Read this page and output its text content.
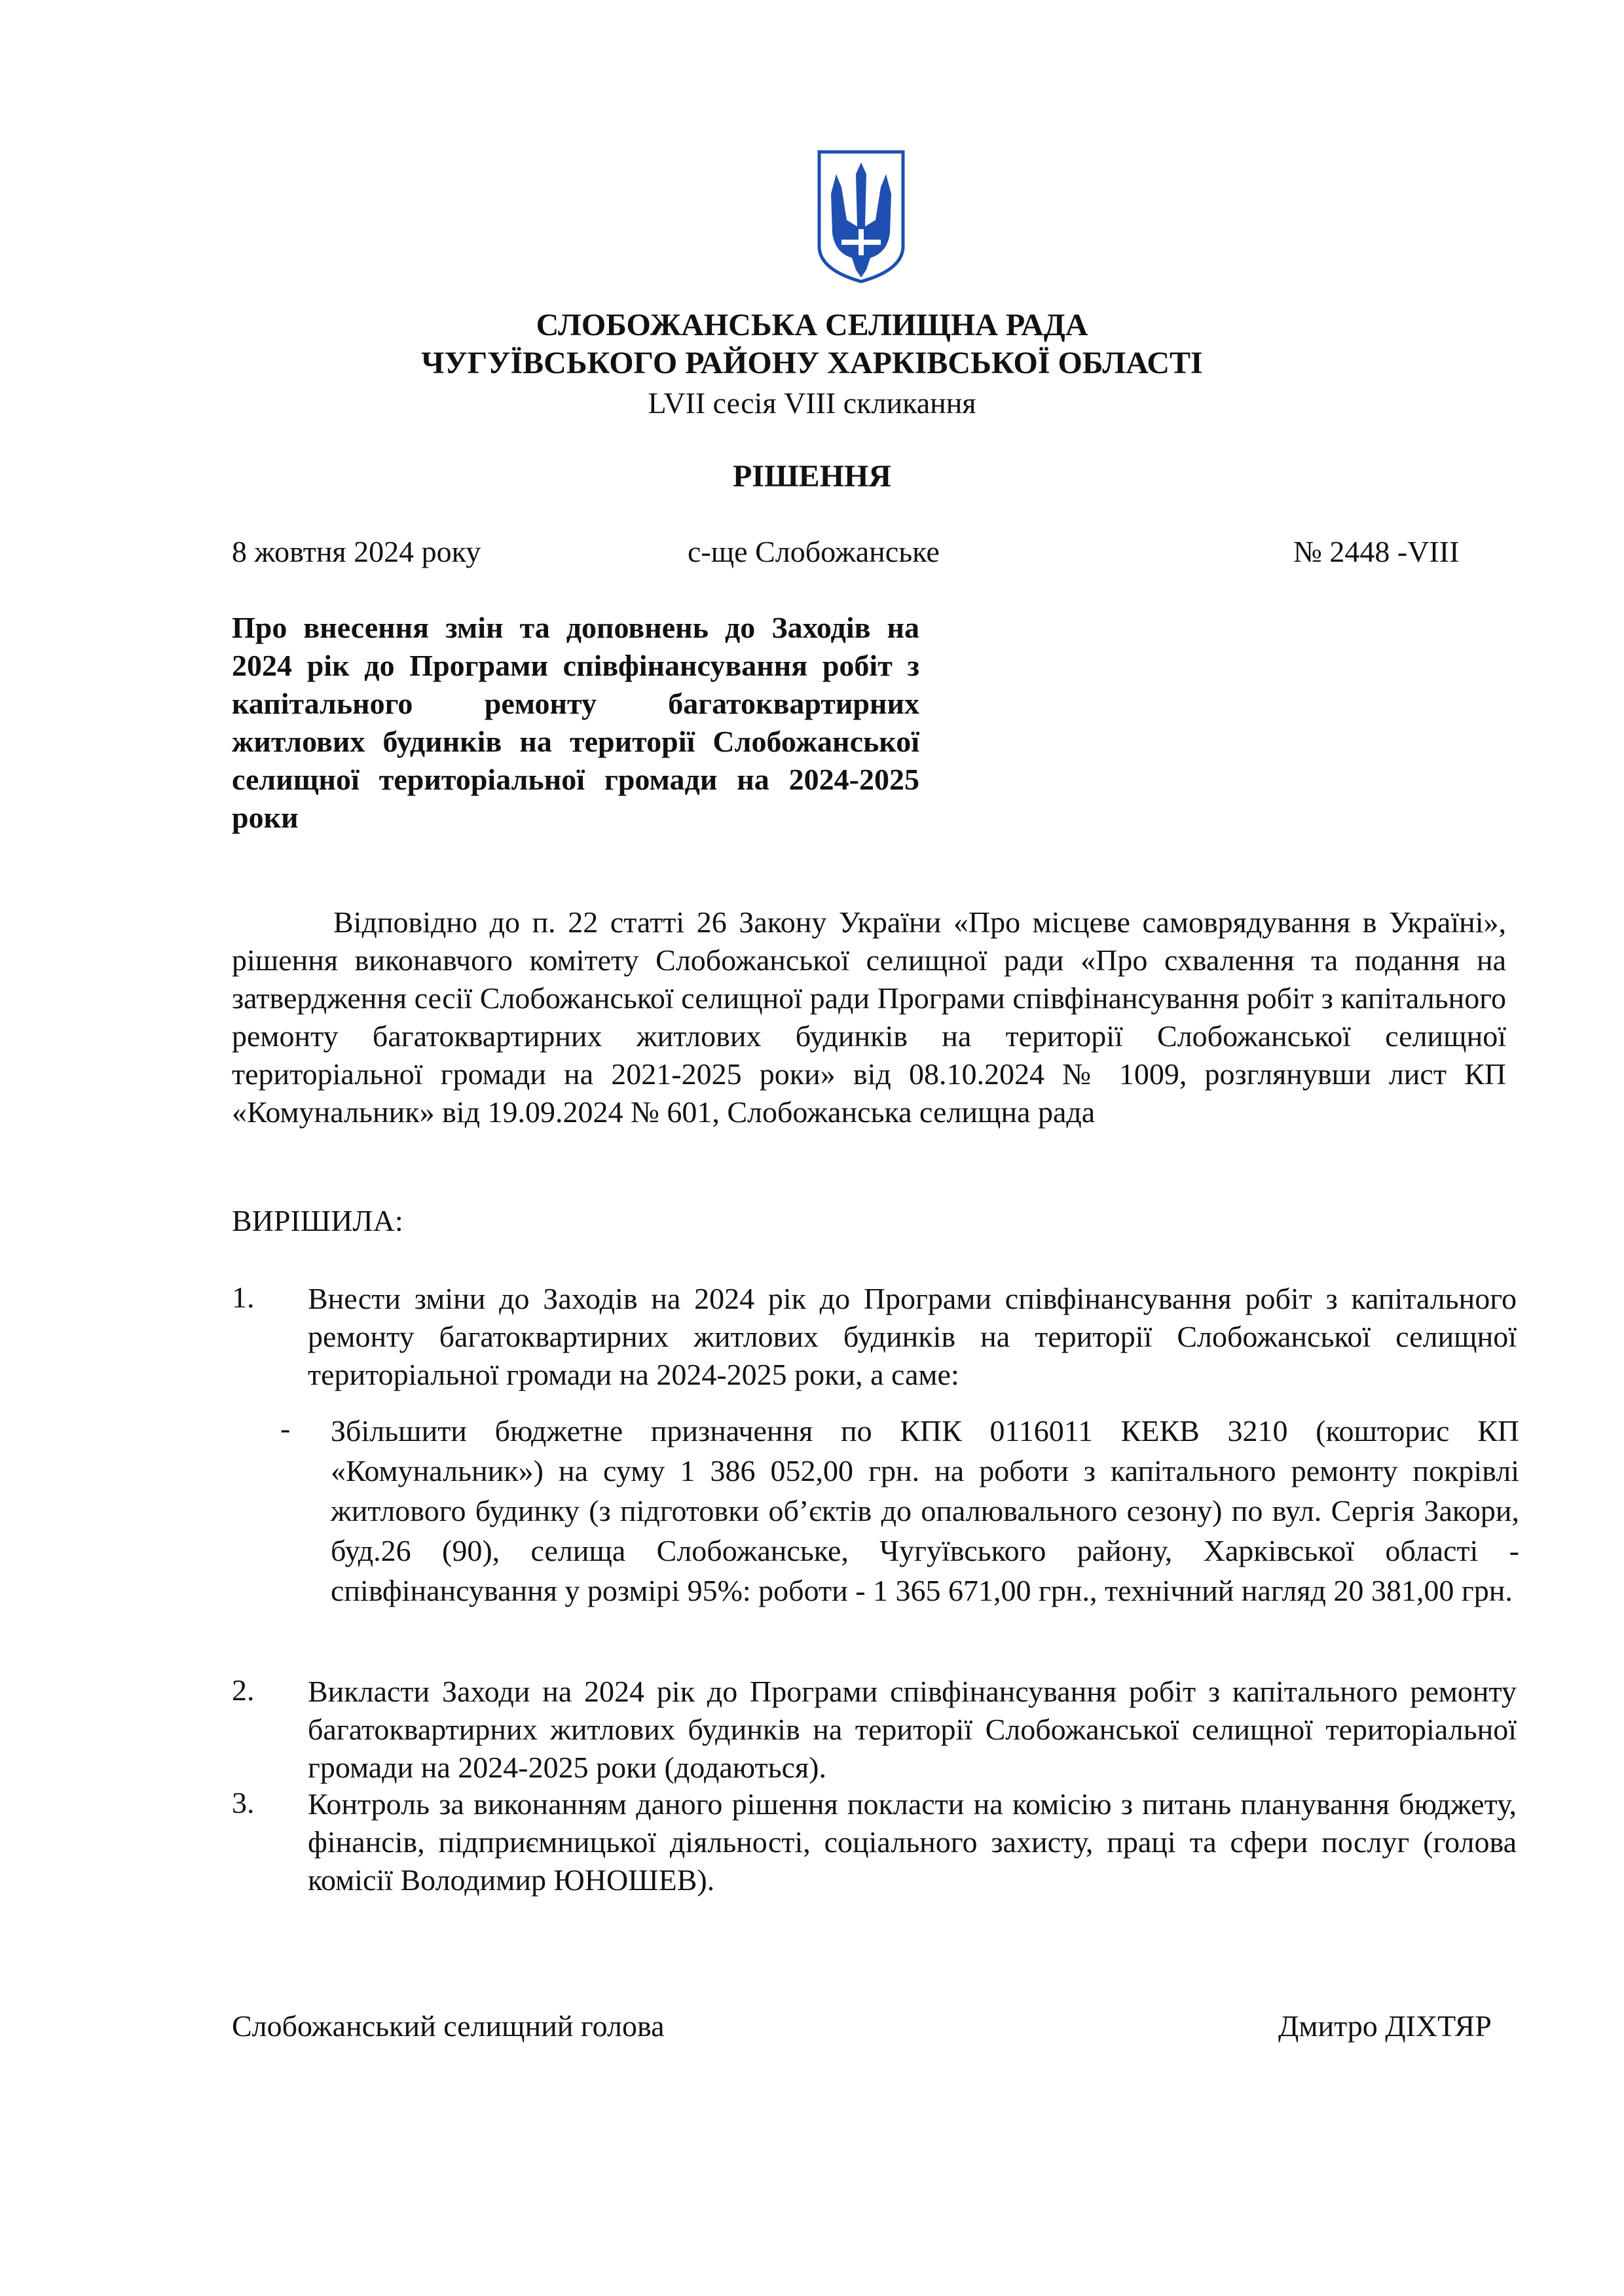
СЛОБОЖАНСЬКА СЕЛИЩНА РАДА
ЧУГУЇВСЬКОГО РАЙОНУ ХАРКІВСЬКОЇ ОБЛАСТІ
LVII сесія VIII скликання
РІШЕННЯ
8 жовтня 2024 року	с-ще Слобожанське	№ 2448 -VIII
Про внесення змін та доповнень до Заходів на 2024 рік до Програми співфінансування робіт з капітального ремонту багатоквартирних житлових будинків на території Слобожанської селищної територіальної громади на 2024-2025 роки
Відповідно до п. 22 статті 26 Закону України «Про місцеве самоврядування в Україні», рішення виконавчого комітету Слобожанської селищної ради «Про схвалення та подання на затвердження сесії Слобожанської селищної ради Програми співфінансування робіт з капітального ремонту багатоквартирних житлових будинків на території Слобожанської селищної територіальної громади на 2021-2025 роки» від 08.10.2024 № 1009, розглянувши лист КП «Комунальник» від 19.09.2024 № 601, Слобожанська селищна рада
ВИРІШИЛА:
1. Внести зміни до Заходів на 2024 рік до Програми співфінансування робіт з капітального ремонту багатоквартирних житлових будинків на території Слобожанської селищної територіальної громади на 2024-2025 роки, а саме:
- Збільшити бюджетне призначення по КПК 0116011 КЕКВ 3210 (кошторис КП «Комунальник») на суму 1 386 052,00 грн. на роботи з капітального ремонту покрівлі житлового будинку (з підготовки об’єктів до опалювального сезону) по вул. Сергія Закори, буд.26 (90), селища Слобожанське, Чугуївського району, Харківської області - співфінансування у розмірі 95%: роботи - 1 365 671,00 грн., технічний нагляд 20 381,00 грн.
2. Викласти Заходи на 2024 рік до Програми співфінансування робіт з капітального ремонту багатоквартирних житлових будинків на території Слобожанської селищної територіальної громади на 2024-2025 роки (додаються).
3. Контроль за виконанням даного рішення покласти на комісію з питань планування бюджету, фінансів, підприємницької діяльності, соціального захисту, праці та сфери послуг (голова комісії Володимир ЮНОШЕВ).
Слобожанський селищний голова	Дмитро ДІХТЯР
